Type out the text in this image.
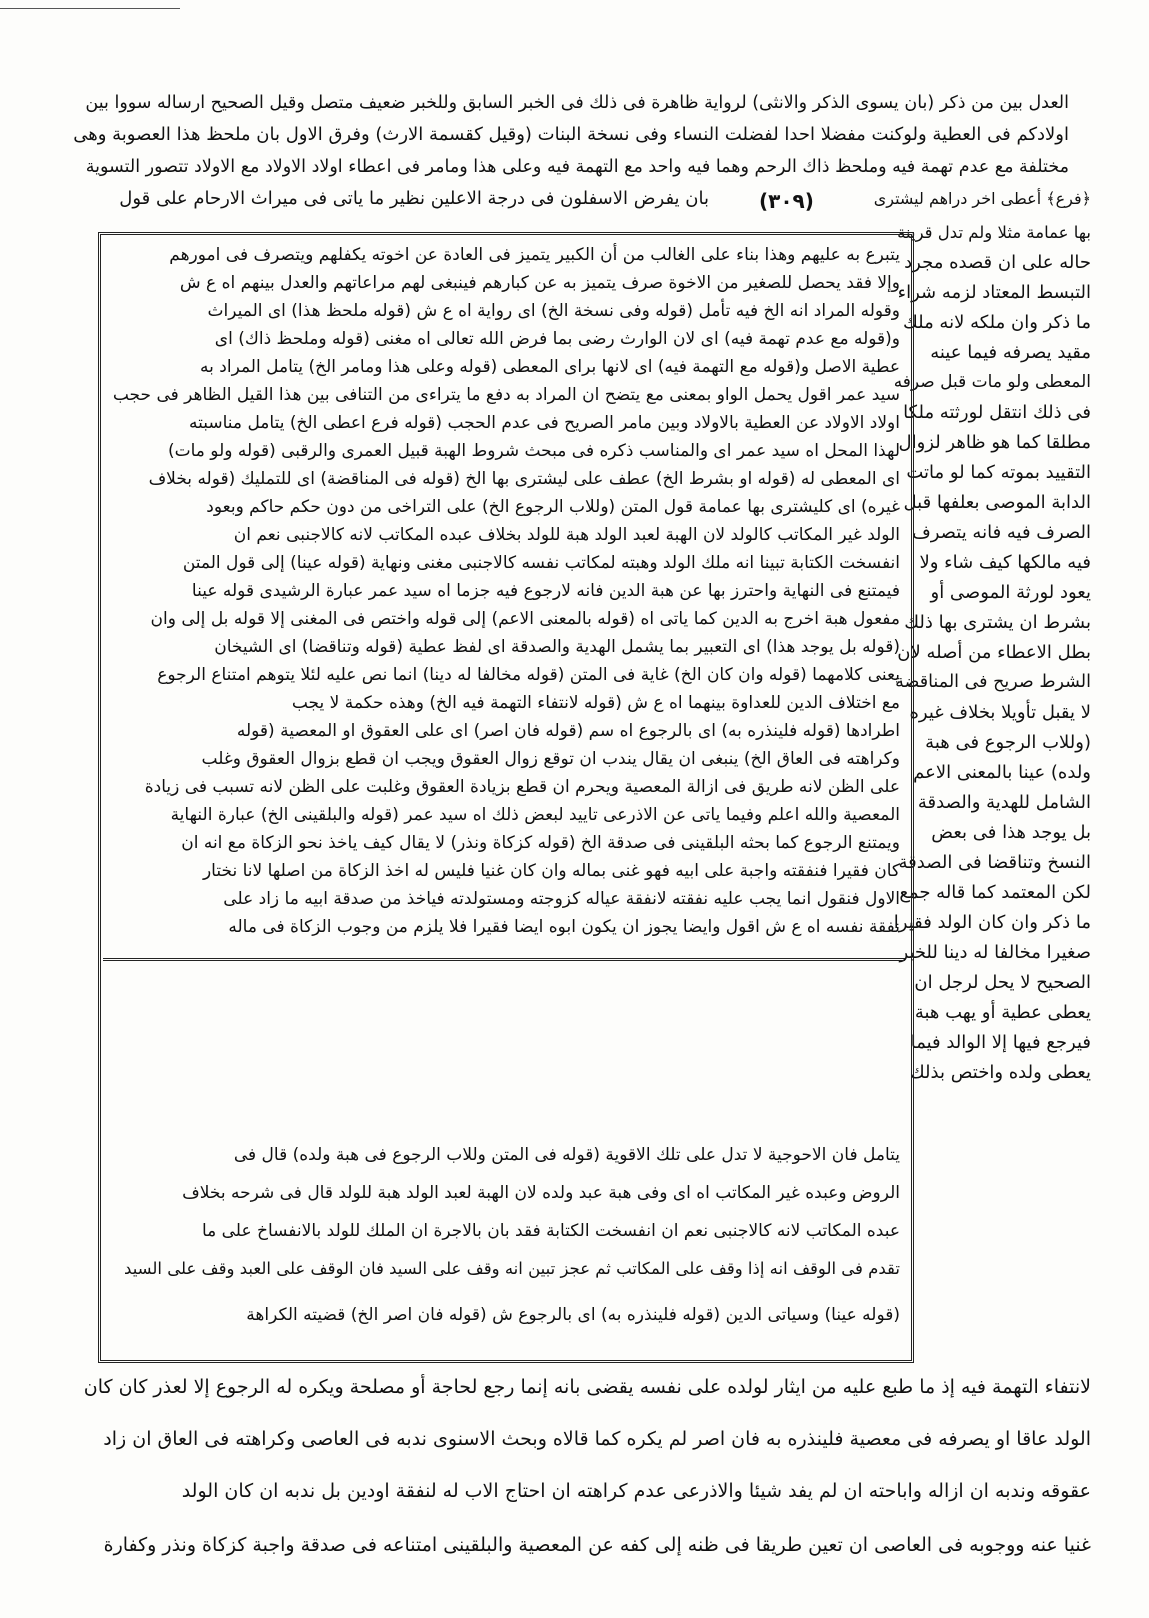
العدل بين من ذكر (بان يسوى الذكر والانثى) لرواية ظاهرة فى ذلك فى الخبر السابق وللخبر ضعيف متصل وقيل الصحيح ارساله سووا بين
اولادكم فى العطية ولوكنت مفضلا احدا لفضلت النساء وفى نسخة البنات (وقيل كقسمة الارث) وفرق الاول بان ملحظ هذا العصوبة وهى
مختلفة مع عدم تهمة فيه وملحظ ذاك الرحم وهما فيه واحد مع التهمة فيه وعلى هذا ومامر فى اعطاء اولاد الاولاد مع الاولاد تتصور التسوية
بان يفرض الاسفلون فى درجة الاعلين نظير ما ياتى فى ميراث الارحام على قول	(٣٠٩)	﴿فرع﴾ أعطى اخر دراهم ليشترى
بها عمامة مثلا ولم تدل قرينة
حاله على ان قصده مجرد
التبسط المعتاد لزمه شراء
ما ذكر وان ملكه لانه ملك
مقيد يصرفه فيما عينه
المعطى ولو مات قبل صرفه
فى ذلك انتقل لورثته ملكا
مطلقا كما هو ظاهر لزوال
التقييد بموته كما لو ماتت
الدابة الموصى بعلفها قبل
الصرف فيه فانه يتصرف
فيه مالكها كيف شاء ولا
يعود لورثة الموصى أو
بشرط ان يشترى بها ذلك
بطل الاعطاء من أصله لان
الشرط صريح فى المناقضة
لا يقبل تأويلا بخلاف غيره
(وللاب الرجوع فى هبة
ولده) عينا بالمعنى الاعم
الشامل للهدية والصدقة
بل يوجد هذا فى بعض
النسخ وتناقضا فى الصدقة
لكن المعتمد كما قاله جمع
ما ذكر وان كان الولد فقيرا
صغيرا مخالفا له دينا للخبر
الصحيح لا يحل لرجل ان
يعطى عطية أو يهب هبة
فيرجع فيها إلا الوالد فيما
يعطى ولده واختص بذلك
يتبرع به عليهم وهذا بناء على الغالب من أن الكبير يتميز فى العادة عن اخوته يكفلهم ويتصرف فى امورهم
وإلا فقد يحصل للصغير من الاخوة صرف يتميز به عن كبارهم فينبغى لهم مراعاتهم والعدل بينهم اه ع ش
وقوله المراد انه الخ فيه تأمل (قوله وفى نسخة الخ) اى رواية اه ع ش (قوله ملحظ هذا) اى الميراث
و(قوله مع عدم تهمة فيه) اى لان الوارث رضى بما فرض الله تعالى اه مغنى (قوله وملحظ ذاك) اى
عطية الاصل و(قوله مع التهمة فيه) اى لانها براى المعطى (قوله وعلى هذا ومامر الخ) يتامل المراد به
سيد عمر اقول يحمل الواو بمعنى مع يتضح ان المراد به دفع ما يتراءى من التنافى بين هذا القيل الظاهر فى حجب
اولاد الاولاد عن العطية بالاولاد وبين مامر الصريح فى عدم الحجب (قوله فرع اعطى الخ) يتامل مناسبته
لهذا المحل اه سيد عمر اى والمناسب ذكره فى مبحث شروط الهبة قبيل العمرى والرقبى (قوله ولو مات)
اى المعطى له (قوله او بشرط الخ) عطف على ليشترى بها الخ (قوله فى المناقضة) اى للتمليك (قوله بخلاف
غيره) اى كليشترى بها عمامة قول المتن (وللاب الرجوع الخ) على التراخى من دون حكم حاكم وبعود
الولد غير المكاتب كالولد لان الهبة لعبد الولد هبة للولد بخلاف عبده المكاتب لانه كالاجنبى نعم ان
انفسخت الكتابة تبينا انه ملك الولد وهبته لمكاتب نفسه كالاجنبى مغنى ونهاية (قوله عينا) إلى قول المتن
فيمتنع فى النهاية واحترز بها عن هبة الدين فانه لارجوع فيه جزما اه سيد عمر عبارة الرشيدى قوله عينا
مفعول هبة اخرج به الدين كما ياتى اه (قوله بالمعنى الاعم) إلى قوله واختص فى المغنى إلا قوله بل إلى وان
(قوله بل يوجد هذا) اى التعبير بما يشمل الهدية والصدقة اى لفظ عطية (قوله وتناقضا) اى الشيخان
يعنى كلامهما (قوله وان كان الخ) غاية فى المتن (قوله مخالفا له دينا) انما نص عليه لئلا يتوهم امتناع الرجوع
مع اختلاف الدين للعداوة بينهما اه ع ش (قوله لانتفاء التهمة فيه الخ) وهذه حكمة لا يجب
اطرادها (قوله فلينذره به) اى بالرجوع اه سم (قوله فان اصر) اى على العقوق او المعصية (قوله
وكراهته فى العاق الخ) ينبغى ان يقال يندب ان توقع زوال العقوق ويجب ان قطع بزوال العقوق وغلب
على الظن لانه طريق فى ازالة المعصية ويحرم ان قطع بزيادة العقوق وغلبت على الظن لانه تسبب فى زيادة
المعصية والله اعلم وفيما ياتى عن الاذرعى تاييد لبعض ذلك اه سيد عمر (قوله والبلقينى الخ) عبارة النهاية
ويمتنع الرجوع كما بحثه البلقينى فى صدقة الخ (قوله كزكاة ونذر) لا يقال كيف ياخذ نحو الزكاة مع انه ان
كان فقيرا فنفقته واجبة على ابيه فهو غنى بماله وان كان غنيا فليس له اخذ الزكاة من اصلها لانا نختار
الاول فنقول انما يجب عليه نفقته لانفقة عياله كزوجته ومستولدته فياخذ من صدقة ابيه ما زاد على
نفقة نفسه اه ع ش اقول وايضا يجوز ان يكون ابوه ايضا فقيرا فلا يلزم من وجوب الزكاة فى ماله
يتامل فان الاحوجية لا تدل على تلك الاقوية (قوله فى المتن وللاب الرجوع فى هبة ولده) قال فى
الروض وعبده غير المكاتب اه اى وفى هبة عبد ولده لان الهبة لعبد الولد هبة للولد قال فى شرحه بخلاف
عبده المكاتب لانه كالاجنبى نعم ان انفسخت الكتابة فقد بان بالاجرة ان الملك للولد بالانفساخ على ما
تقدم فى الوقف انه إذا وقف على المكاتب ثم عجز تبين انه وقف على السيد فان الوقف على العبد وقف على السيد
(قوله عينا) وسياتى الدين (قوله فلينذره به) اى بالرجوع ش (قوله فان اصر الخ) قضيته الكراهة
لانتفاء التهمة فيه إذ ما طبع عليه من ايثار لولده على نفسه يقضى بانه إنما رجع لحاجة أو مصلحة ويكره له الرجوع إلا لعذر كان كان
الولد عاقا او يصرفه فى معصية فلينذره به فان اصر لم يكره كما قالاه وبحث الاسنوى ندبه فى العاصى وكراهته فى العاق ان زاد
عقوقه وندبه ان ازاله واباحته ان لم يفد شيئا والاذرعى عدم كراهته ان احتاج الاب له لنفقة اودين بل ندبه ان كان الولد
غنيا عنه ووجوبه فى العاصى ان تعين طريقا فى ظنه إلى كفه عن المعصية والبلقينى امتناعه فى صدقة واجبة كزكاة ونذر وكفارة
